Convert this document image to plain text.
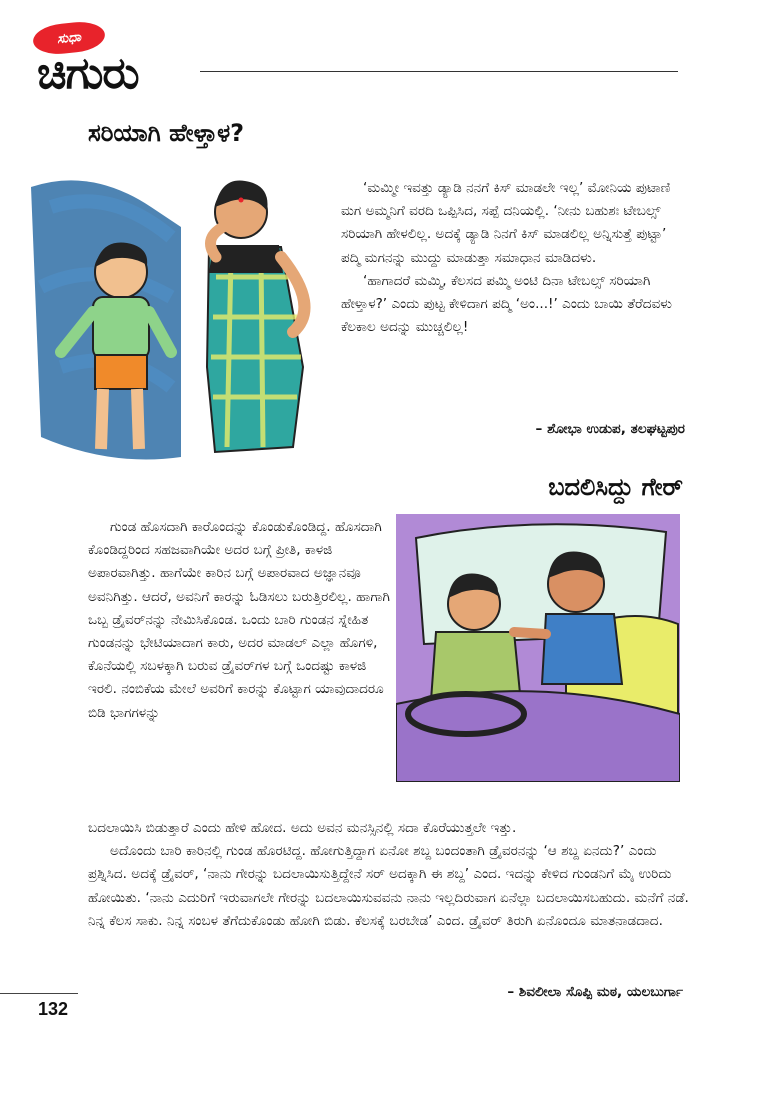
ಸುಧಾ
ಚಿಗುರು
ಸರಿಯಾಗಿ ಹೇಳ್ತಾಳ?
‘ಮಮ್ಮೀ ಇವತ್ತು ಡ್ಯಾಡಿ ನನಗೆ ಕಿಸ್ ಮಾಡಲೇ ಇಲ್ಲ’ ಮೋನಿಯ ಪುಟಾಣಿ ಮಗ ಅಮ್ಮನಿಗೆ ವರದಿ ಒಪ್ಪಿಸಿದ, ಸಪ್ಪೆ ದನಿಯಲ್ಲಿ. ‘ನೀನು ಬಹುಶಃ ಟೇಬಲ್ಸ್ ಸರಿಯಾಗಿ ಹೇಳಲಿಲ್ಲ. ಅದಕ್ಕೆ ಡ್ಯಾಡಿ ನಿನಗೆ ಕಿಸ್ ಮಾಡಲಿಲ್ಲ ಅನ್ನಿಸುತ್ತೆ ಪುಟ್ಟಾ’ ಪದ್ಮಿ ಮಗನನ್ನು ಮುದ್ದು ಮಾಡುತ್ತಾ ಸಮಾಧಾನ ಮಾಡಿದಳು.
‘ಹಾಗಾದರೆ ಮಮ್ಮಿ, ಕೆಲಸದ ಪಮ್ಮಿ ಅಂಟಿ ದಿನಾ ಟೇಬಲ್ಸ್ ಸರಿಯಾಗಿ ಹೇಳ್ತಾಳ?’ ಎಂದು ಪುಟ್ಟ ಕೇಳಿದಾಗ ಪದ್ಮಿ ‘ಅಂ...!’ ಎಂದು ಬಾಯಿ ತೆರೆದವಳು ಕೆಲಕಾಲ ಅದನ್ನು ಮುಚ್ಚಲಿಲ್ಲ!
– ಶೋಭಾ ಉಡುಪ, ತಲಘಟ್ಟಪುರ
ಬದಲಿಸಿದ್ದು ಗೇರ್
ಗುಂಡ ಹೊಸದಾಗಿ ಕಾರೊಂದನ್ನು ಕೊಂಡುಕೊಂಡಿದ್ದ. ಹೊಸದಾಗಿ ಕೊಂಡಿದ್ದರಿಂದ ಸಹಜವಾಗಿಯೇ ಅದರ ಬಗ್ಗೆ ಪ್ರೀತಿ, ಕಾಳಜಿ ಅಪಾರವಾಗಿತ್ತು. ಹಾಗೆಯೇ ಕಾರಿನ ಬಗ್ಗೆ ಅಪಾರವಾದ ಅಜ್ಞಾನವೂ ಅವನಿಗಿತ್ತು. ಆದರೆ, ಅವನಿಗೆ ಕಾರನ್ನು ಓಡಿಸಲು ಬರುತ್ತಿರಲಿಲ್ಲ. ಹಾಗಾಗಿ ಒಬ್ಬ ಡ್ರೈವರ್‌ನನ್ನು ನೇಮಿಸಿಕೊಂಡ. ಒಂದು ಬಾರಿ ಗುಂಡನ ಸ್ನೇಹಿತ ಗುಂಡನನ್ನು ಭೇಟಿಯಾದಾಗ ಕಾರು, ಅದರ ಮಾಡಲ್ ಎಲ್ಲಾ ಹೊಗಳಿ, ಕೊನೆಯಲ್ಲಿ ಸಬಳಕ್ಕಾಗಿ ಬರುವ ಡ್ರೈವರ್‌ಗಳ ಬಗ್ಗೆ ಒಂದಷ್ಟು ಕಾಳಜಿ ಇರಲಿ. ನಂಬಿಕೆಯ ಮೇಲೆ ಅವರಿಗೆ ಕಾರನ್ನು ಕೊಟ್ಟಾಗ ಯಾವುದಾದರೂ ಬಿಡಿ ಭಾಗಗಳನ್ನು
ಬದಲಾಯಿಸಿ ಬಿಡುತ್ತಾರೆ ಎಂದು ಹೇಳಿ ಹೋದ. ಅದು ಅವನ ಮನಸ್ಸಿನಲ್ಲಿ ಸದಾ ಕೊರೆಯುತ್ತಲೇ ಇತ್ತು.
ಅದೊಂದು ಬಾರಿ ಕಾರಿನಲ್ಲಿ ಗುಂಡ ಹೊರಟಿದ್ದ. ಹೋಗುತ್ತಿದ್ದಾಗ ಏನೋ ಶಬ್ದ ಬಂದಂತಾಗಿ ಡ್ರೈವರನನ್ನು ‘ಆ ಶಬ್ದ ಏನದು?’ ಎಂದು ಪ್ರಶ್ನಿಸಿದ. ಅದಕ್ಕೆ ಡ್ರೈವರ್, ‘ನಾನು ಗೇರನ್ನು ಬದಲಾಯಿಸುತ್ತಿದ್ದೇನೆ ಸರ್ ಅದಕ್ಕಾಗಿ ಈ ಶಬ್ದ’ ಎಂದ. ಇದನ್ನು ಕೇಳಿದ ಗುಂಡನಿಗೆ ಮೈ ಉರಿದು ಹೋಯಿತು. ‘ನಾನು ಎದುರಿಗೆ ಇರುವಾಗಲೇ ಗೇರನ್ನು ಬದಲಾಯಿಸುವವನು ನಾನು ಇಲ್ಲದಿರುವಾಗ ಏನೆಲ್ಲಾ ಬದಲಾಯಿಸಬಹುದು. ಮನೆಗೆ ನಡೆ. ನಿನ್ನ ಕೆಲಸ ಸಾಕು. ನಿನ್ನ ಸಂಬಳ ತೆಗೆದುಕೊಂಡು ಹೋಗಿ ಬಿಡು. ಕೆಲಸಕ್ಕೆ ಬರಬೇಡ’ ಎಂದ. ಡ್ರೈವರ್ ತಿರುಗಿ ಏನೊಂದೂ ಮಾತನಾಡದಾದ.
– ಶಿವಲೀಲಾ ಸೊಪ್ಪಿ ಮಠ, ಯಲಬುರ್ಗಾ
132
